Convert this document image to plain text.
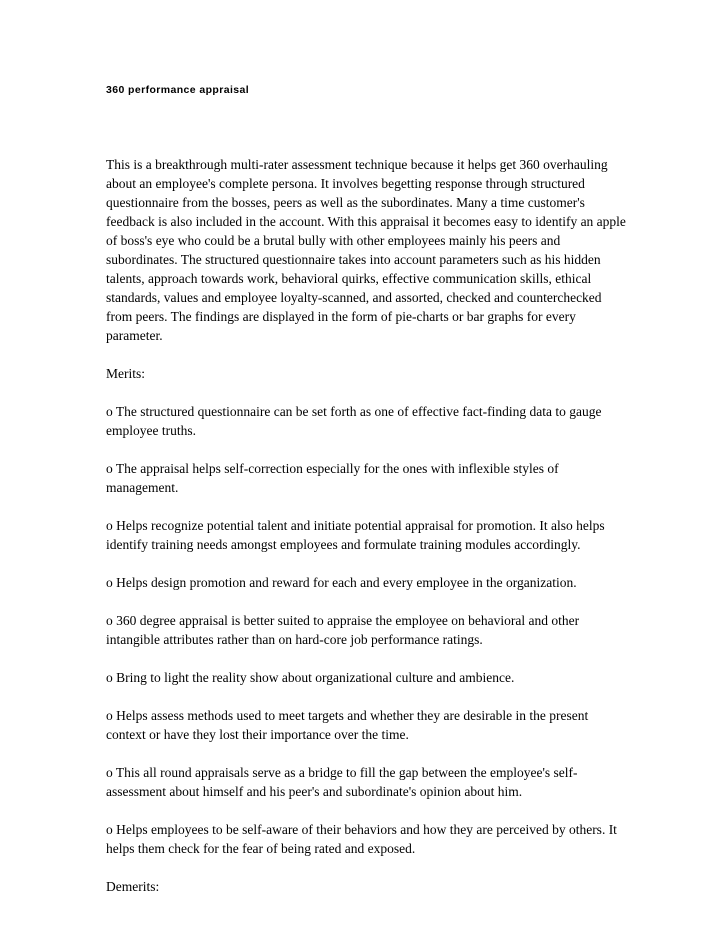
360 performance appraisal

This is a breakthrough multi-rater assessment technique because it helps get 360 overhauling about an employee's complete persona. It involves begetting response through structured questionnaire from the bosses, peers as well as the subordinates. Many a time customer's feedback is also included in the account. With this appraisal it becomes easy to identify an apple of boss's eye who could be a brutal bully with other employees mainly his peers and subordinates. The structured questionnaire takes into account parameters such as his hidden talents, approach towards work, behavioral quirks, effective communication skills, ethical standards, values and employee loyalty-scanned, and assorted, checked and counterchecked from peers. The findings are displayed in the form of pie-charts or bar graphs for every parameter.

Merits:

o The structured questionnaire can be set forth as one of effective fact-finding data to gauge employee truths.

o The appraisal helps self-correction especially for the ones with inflexible styles of management.

o Helps recognize potential talent and initiate potential appraisal for promotion. It also helps identify training needs amongst employees and formulate training modules accordingly.

o Helps design promotion and reward for each and every employee in the organization.

o 360 degree appraisal is better suited to appraise the employee on behavioral and other intangible attributes rather than on hard-core job performance ratings.

o Bring to light the reality show about organizational culture and ambience.

o Helps assess methods used to meet targets and whether they are desirable in the present context or have they lost their importance over the time.

o This all round appraisals serve as a bridge to fill the gap between the employee's self-assessment about himself and his peer's and subordinate's opinion about him.

o Helps employees to be self-aware of their behaviors and how they are perceived by others. It helps them check for the fear of being rated and exposed.

Demerits:
